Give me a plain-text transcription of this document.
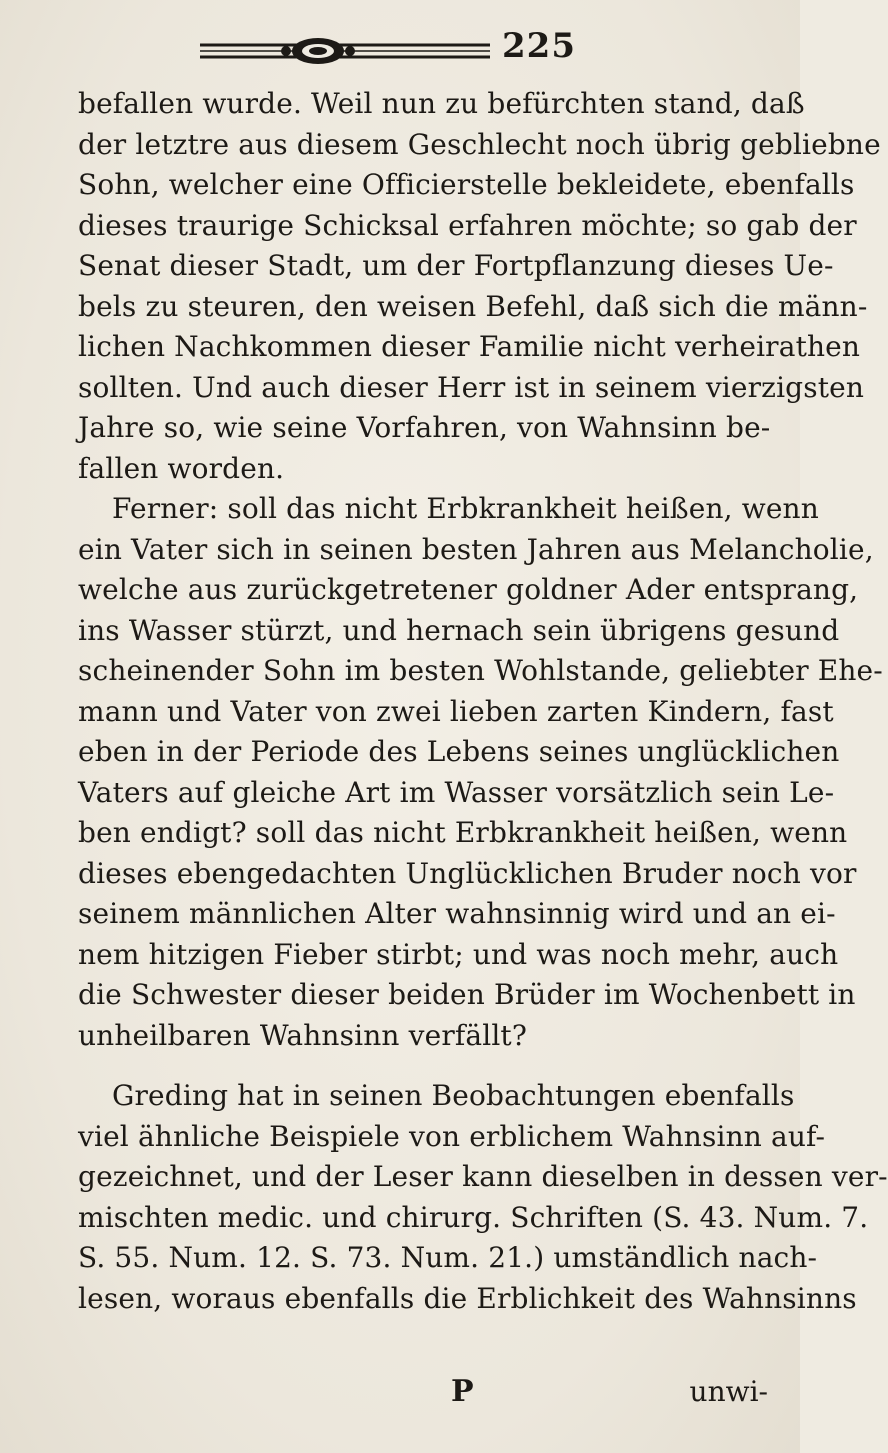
225
befallen wurde. Weil nun zu befürchten stand, daß
der letztre aus diesem Geschlecht noch übrig gebliebne
Sohn, welcher eine Officierstelle bekleidete, ebenfalls
dieses traurige Schicksal erfahren möchte; so gab der
Senat dieser Stadt, um der Fortpflanzung dieses Ue-
bels zu steuren, den weisen Befehl, daß sich die männ-
lichen Nachkommen dieser Familie nicht verheirathen
sollten. Und auch dieser Herr ist in seinem vierzigsten
Jahre so, wie seine Vorfahren, von Wahnsinn be-
fallen worden.
Ferner: soll das nicht Erbkrankheit heißen, wenn
ein Vater sich in seinen besten Jahren aus Melancholie,
welche aus zurückgetretener goldner Ader entsprang,
ins Wasser stürzt, und hernach sein übrigens gesund
scheinender Sohn im besten Wohlstande, geliebter Ehe-
mann und Vater von zwei lieben zarten Kindern, fast
eben in der Periode des Lebens seines unglücklichen
Vaters auf gleiche Art im Wasser vorsätzlich sein Le-
ben endigt? soll das nicht Erbkrankheit heißen, wenn
dieses ebengedachten Unglücklichen Bruder noch vor
seinem männlichen Alter wahnsinnig wird und an ei-
nem hitzigen Fieber stirbt; und was noch mehr, auch
die Schwester dieser beiden Brüder im Wochenbett in
unheilbaren Wahnsinn verfällt?
Greding hat in seinen Beobachtungen ebenfalls
viel ähnliche Beispiele von erblichem Wahnsinn auf-
gezeichnet, und der Leser kann dieselben in dessen ver-
mischten medic. und chirurg. Schriften (S. 43. Num. 7.
S. 55. Num. 12. S. 73. Num. 21.) umständlich nach-
lesen, woraus ebenfalls die Erblichkeit des Wahnsinns
P	unwi-
